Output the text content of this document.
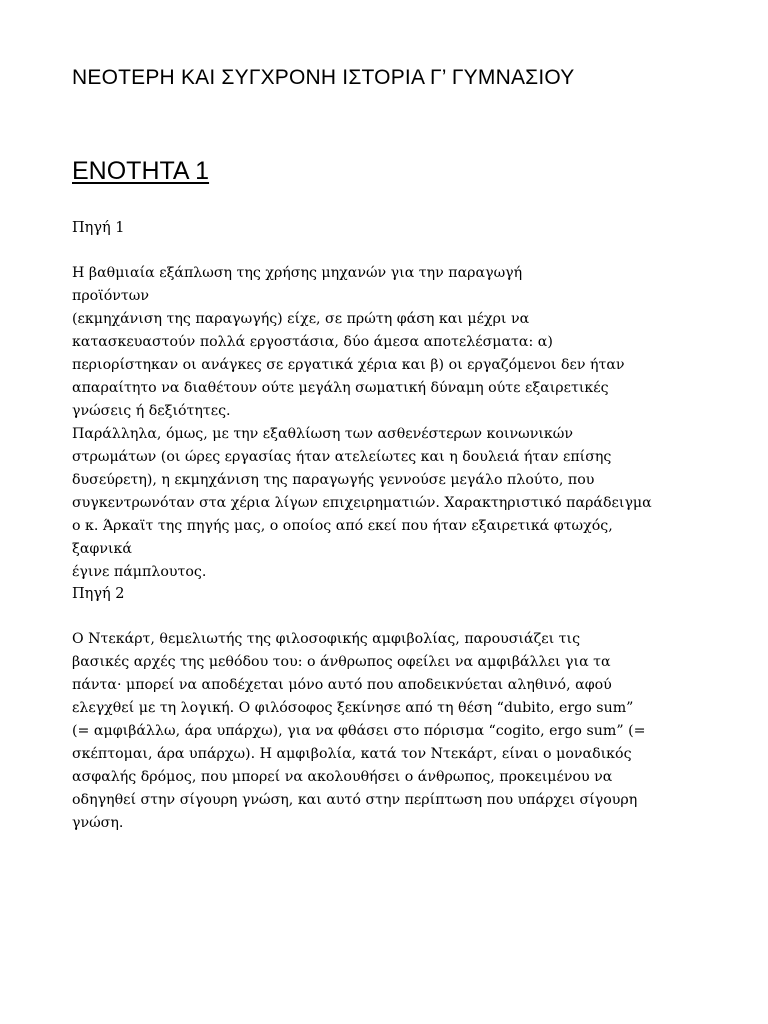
ΝΕΟΤΕΡΗ ΚΑΙ ΣΥΓΧΡΟΝΗ ΙΣΤΟΡΙΑ Γ’ ΓΥΜΝΑΣΙΟΥ
ΕΝΟΤΗΤΑ 1

Πηγή 1

Η βαθμιαία εξάπλωση της χρήσης μηχανών για την παραγωγή
προϊόντων
(εκμηχάνιση της παραγωγής) είχε, σε πρώτη φάση και μέχρι να
κατασκευαστούν πολλά εργοστάσια, δύο άμεσα αποτελέσματα: α)
περιορίστηκαν οι ανάγκες σε εργατικά χέρια και β) οι εργαζόμενοι δεν ήταν
απαραίτητο να διαθέτουν ούτε μεγάλη σωματική δύναμη ούτε εξαιρετικές
γνώσεις ή δεξιότητες.
Παράλληλα, όμως, με την εξαθλίωση των ασθενέστερων κοινωνικών
στρωμάτων (οι ώρες εργασίας ήταν ατελείωτες και η δουλειά ήταν επίσης
δυσεύρετη), η εκμηχάνιση της παραγωγής γεννούσε μεγάλο πλούτο, που
συγκεντρωνόταν στα χέρια λίγων επιχειρηματιών. Χαρακτηριστικό παράδειγμα
ο κ. Άρκαϊτ της πηγής μας, ο οποίος από εκεί που ήταν εξαιρετικά φτωχός,
ξαφνικά
έγινε πάμπλουτος.

Πηγή 2

Ο Ντεκάρτ, θεμελιωτής της φιλοσοφικής αμφιβολίας, παρουσιάζει τις
βασικές αρχές της μεθόδου του: ο άνθρωπος οφείλει να αμφιβάλλει για τα
πάντα· μπορεί να αποδέχεται μόνο αυτό που αποδεικνύεται αληθινό, αφού
ελεγχθεί με τη λογική. Ο φιλόσοφος ξεκίνησε από τη θέση “dubito, ergo sum”
(= αμφιβάλλω, άρα υπάρχω), για να φθάσει στο πόρισμα “cogito, ergo sum” (=
σκέπτομαι, άρα υπάρχω). Η αμφιβολία, κατά τον Ντεκάρτ, είναι ο μοναδικός
ασφαλής δρόμος, που μπορεί να ακολουθήσει ο άνθρωπος, προκειμένου να
οδηγηθεί στην σίγουρη γνώση, και αυτό στην περίπτωση που υπάρχει σίγουρη
γνώση.
